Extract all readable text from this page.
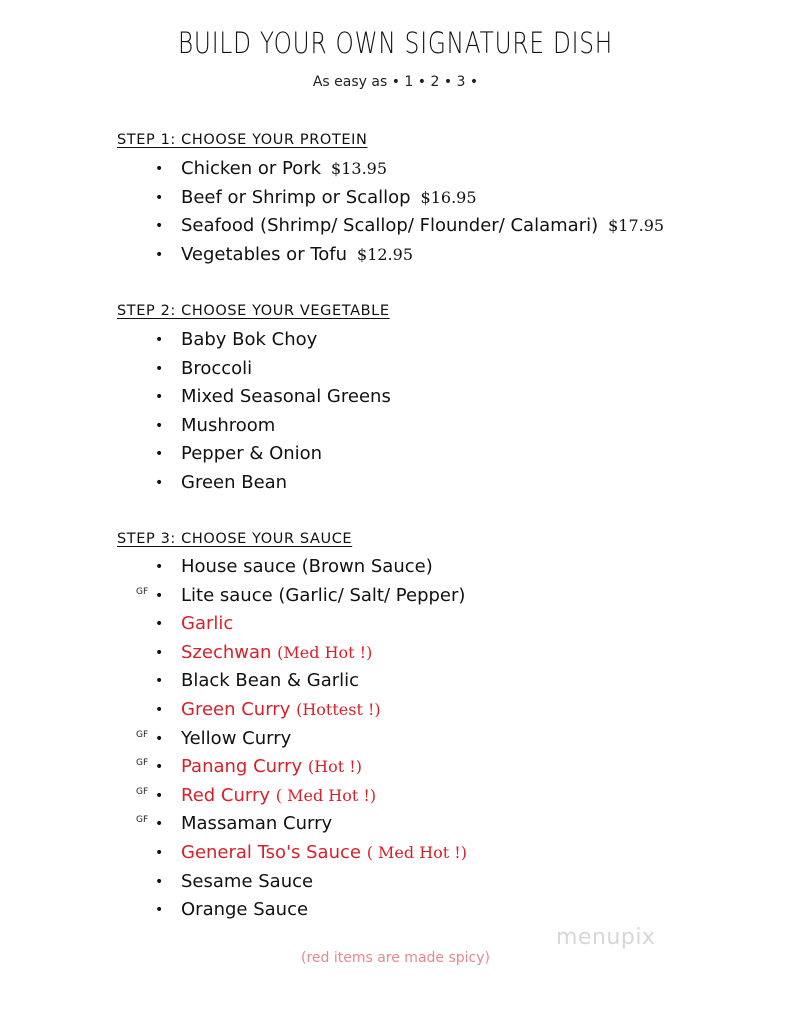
BUILD YOUR OWN SIGNATURE DISH
As easy as • 1 • 2 • 3 •
STEP 1: CHOOSE YOUR PROTEIN
• Chicken or Pork $13.95
• Beef or Shrimp or Scallop $16.95
• Seafood (Shrimp/ Scallop/ Flounder/ Calamari) $17.95
• Vegetables or Tofu $12.95
STEP 2: CHOOSE YOUR VEGETABLE
• Baby Bok Choy
• Broccoli
• Mixed Seasonal Greens
• Mushroom
• Pepper & Onion
• Green Bean
STEP 3: CHOOSE YOUR SAUCE
• House sauce (Brown Sauce)
GF • Lite sauce (Garlic/ Salt/ Pepper)
• Garlic
• Szechwan (Med Hot !)
• Black Bean & Garlic
• Green Curry (Hottest !)
GF • Yellow Curry
GF • Panang Curry (Hot !)
GF • Red Curry ( Med Hot !)
GF • Massaman Curry
• General Tso's Sauce ( Med Hot !)
• Sesame Sauce
• Orange Sauce
menupix
(red items are made spicy)
